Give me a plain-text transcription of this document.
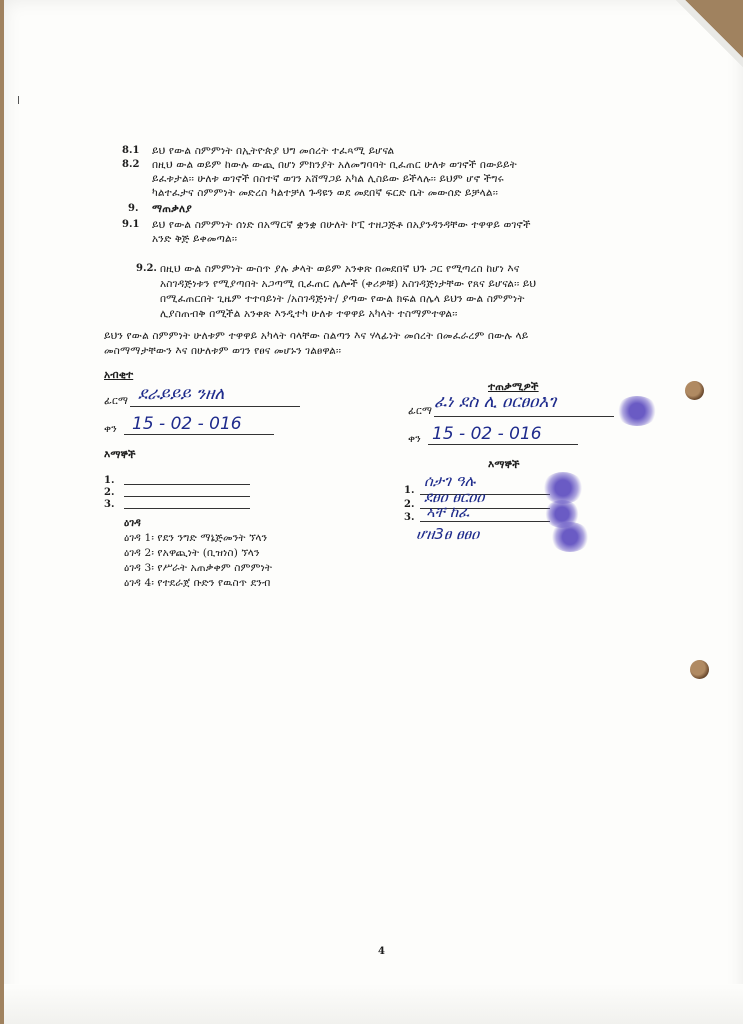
8.1 ይህ የውል ስምምነት በኢትዮጵያ ህግ መሰረት ተፈጻሚ ይሆናል
8.2 በዚህ ውል ወይም ከውሉ ውጪ በሆነ ምክንያት አለመግባባት ቢፈጠር ሁለቱ ወገኖች በውይይት
ይፈቱታል፡፡ ሁለቱ ወገኖች በስተኛ ወገን አሸማጋይ አካል ሊስይው ይችላሉ፡፡ ይህም ሆኖ ችግሩ
ካልተፈታና ስምምነት መድረስ ካልተቻለ ጉዳዩን ወደ መደበኛ ፍርድ ቤት መውሰድ ይቻላል፡፡
9. ማጠቃለያ
9.1 ይህ የውል ስምምነት ሰነድ በአማርኛ ቋንቋ በሁለት ኮፒ ተዘጋጅቶ በአያንዳንዳቸው ተዋዋይ ወገኖች
አንድ ቅጅ ይቀመጣል፡፡
9.2. በዚህ ውል ስምምነት ውስጥ ያሉ ቃላት ወይም አንቀጽ በመደበኛ ህጉ ጋር የሚጣረስ ከሆነ እና
አስገዳጅነቱን የሚያጣበት አጋጣሚ ቢፈጠር ሌሎች (ቀሪዎቹ) አስገዳጅነታቸው የጸና ይሆናል፡፡ ይህ
በሚፈጠርበት ጊዜም ተተባይነት /አስገዳጅነት/ ያጣው የውል ክፍል በሌላ ይህን ውል ስምምነት
ሊያስጠብቅ በሚችል አንቀጽ እንዲተካ ሁለቱ ተዋዋይ አካላት ተስማምተዋል፡፡
ይህን የውል ስምምነት ሁለቱም ተዋዋይ አካላት ባላቸው ስልጣን እና ሃላፊነት መሰረት በመፈራረም በውሉ ላይ
መስማማታቸውን እና በሁለቱም ወገን የፀና መሆኑን ገልፀዋል፡፡
አብቂተ
ፊርማ ደራይይይ ንዘለ
ቀን 15 - 02 - 016
እማኞች
1.
2.
3.
ዕገዳ
ዕገዳ 1፡ የደን ንግድ ማኔጅመንት ኘላን
ዕገዳ 2፡ የአዋጪነት (ቢዝነስ) ኘላን
ዕገዳ 3፡ የሥራት አጠቃቀም ስምምነት
ዕገዳ 4፡ የተደራጀ ቡድን የዉስጥ ደንብ
ተጠቃሚዎች
ፊርማ ፈነ ደስ ሊ ዐርፀዐእገ
ቀን 15 - 02 - 016
እማኞች
1.
ሰታገ ዓሉ
2. ደፀዐ ፀርዐዐ
3. ኣቸ ከፈ
ሆዘ3ፀ ፀፀዐ
4
